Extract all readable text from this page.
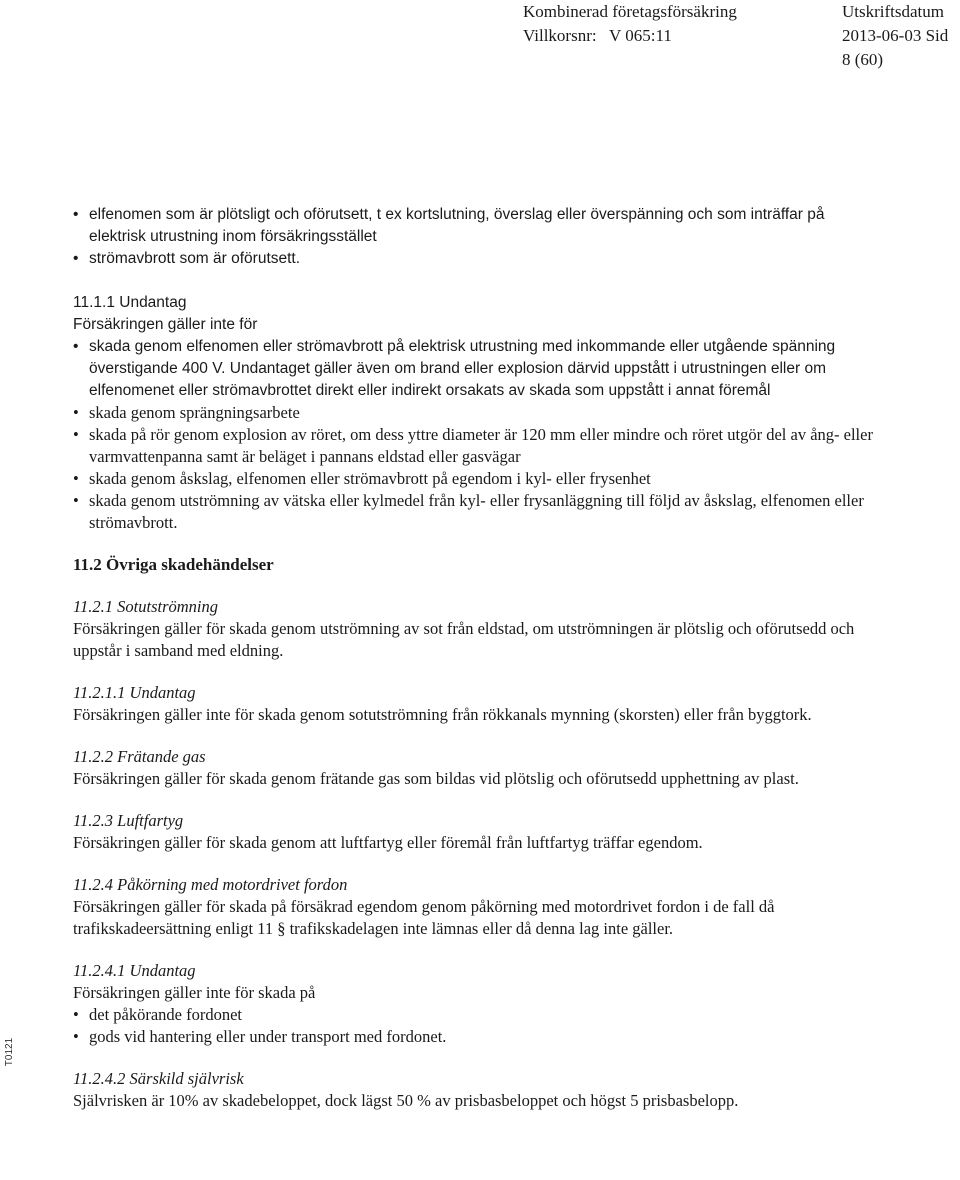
Kombinerad företagsförsäkring
Villkorsnr: V 065:11
Utskriftsdatum
2013-06-03 Sid
8 (60)
T0121
• elfenomen som är plötsligt och oförutsett, t ex kortslutning, överslag eller överspänning och som inträffar på elektrisk utrustning inom försäkringsstället
• strömavbrott som är oförutsett.

11.1.1 Undantag

Försäkringen gäller inte för

• skada genom elfenomen eller strömavbrott på elektrisk utrustning med inkommande eller utgående spänning överstigande 400 V. Undantaget gäller även om brand eller explosion därvid uppstått i utrustningen eller om elfenomenet eller strömavbrottet direkt eller indirekt orsakats av skada som uppstått i annat föremål
• skada genom sprängningsarbete
• skada på rör genom explosion av röret, om dess yttre diameter är 120 mm eller mindre och röret utgör del av ång- eller varmvattenpanna samt är beläget i pannans eldstad eller gasvägar
• skada genom åskslag, elfenomen eller strömavbrott på egendom i kyl- eller frysenhet
• skada genom utströmning av vätska eller kylmedel från kyl- eller frysanläggning till följd av åskslag, elfenomen eller strömavbrott.

11.2 Övriga skadehändelser

11.2.1 Sotutströmning

Försäkringen gäller för skada genom utströmning av sot från eldstad, om utströmningen är plötslig och oförutsedd och uppstår i samband med eldning.

11.2.1.1 Undantag

Försäkringen gäller inte för skada genom sotutströmning från rökkanals mynning (skorsten) eller från byggtork.

11.2.2 Frätande gas

Försäkringen gäller för skada genom frätande gas som bildas vid plötslig och oförutsedd upphettning av plast.

11.2.3 Luftfartyg

Försäkringen gäller för skada genom att luftfartyg eller föremål från luftfartyg träffar egendom.

11.2.4 Påkörning med motordrivet fordon

Försäkringen gäller för skada på försäkrad egendom genom påkörning med motordrivet fordon i de fall då trafikskadeersättning enligt 11 § trafikskadelagen inte lämnas eller då denna lag inte gäller.

11.2.4.1 Undantag

Försäkringen gäller inte för skada på

• det påkörande fordonet
• gods vid hantering eller under transport med fordonet.

11.2.4.2 Särskild självrisk

Självrisken är 10% av skadebeloppet, dock lägst 50 % av prisbasbeloppet och högst 5 prisbasbelopp.
